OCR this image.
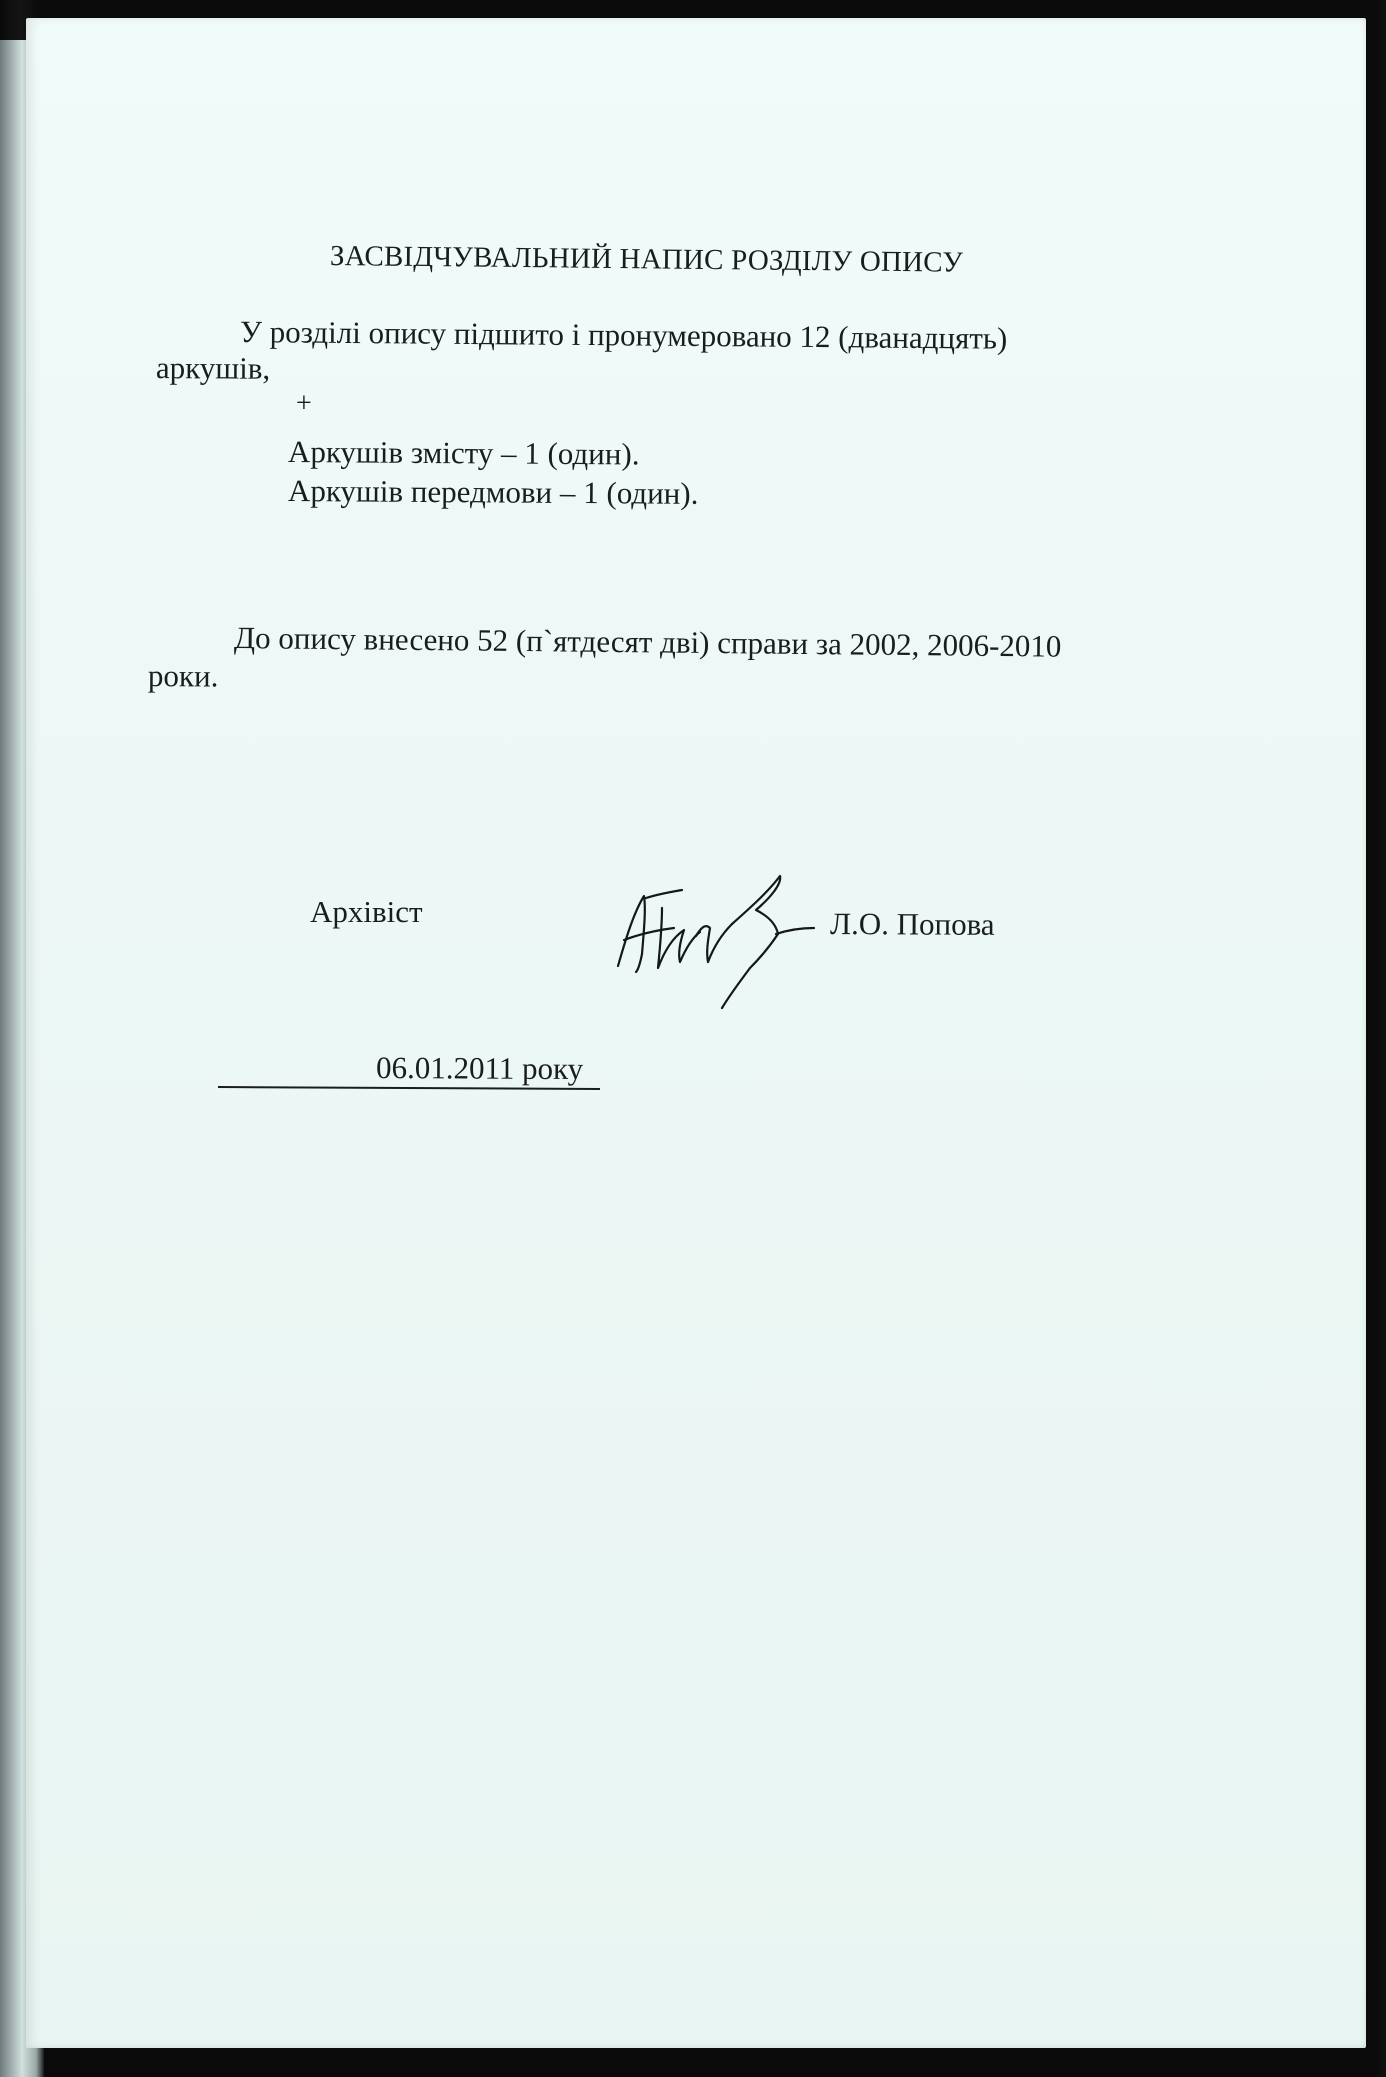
ЗАСВІДЧУВАЛЬНИЙ НАПИС РОЗДІЛУ ОПИСУ
У розділі опису підшито і пронумеровано 12 (дванадцять)
аркушів,
+
Аркушів змісту – 1 (один).
Аркушів передмови – 1 (один).
До опису внесено 52 (п`ятдесят дві) справи за 2002, 2006-2010
роки.
Архівіст	Л.О. Попова
06.01.2011 року
